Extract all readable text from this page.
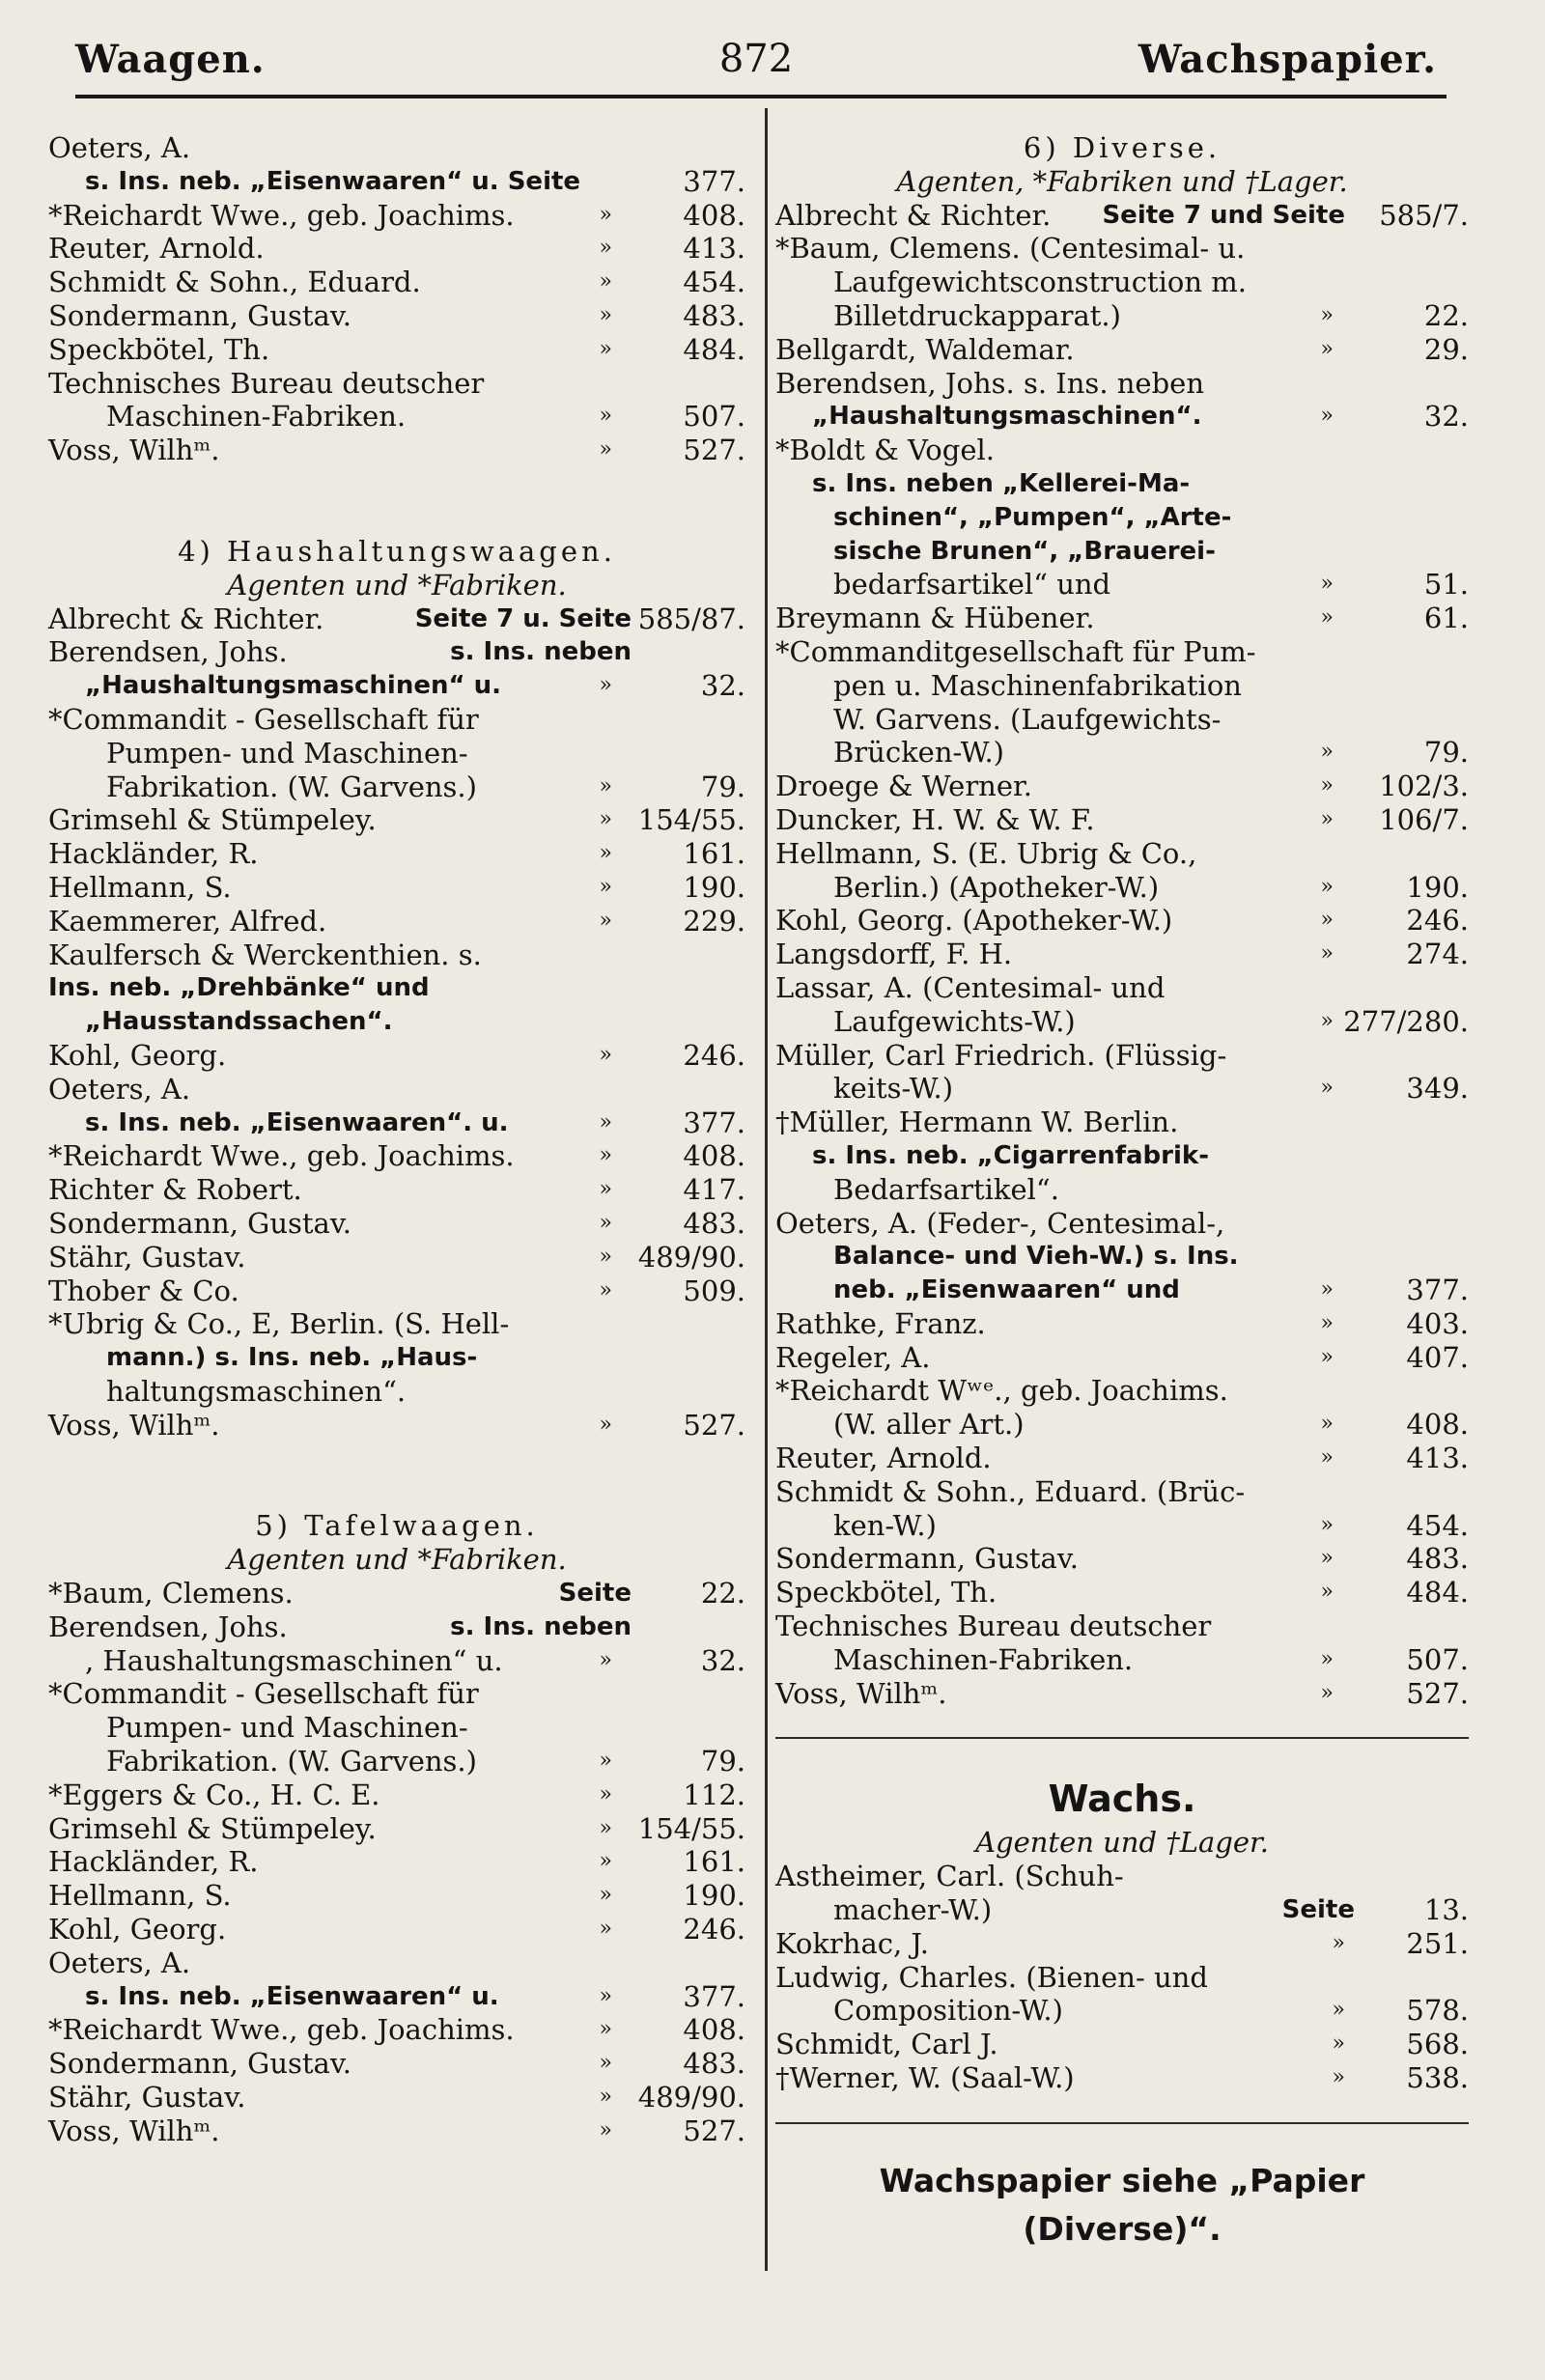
Waagen.	872	Wachspapier.
Oeters, A.
s. Ins. neb. „Eisenwaaren“ u. Seite	377.
*Reichardt Wwe., geb. Joachims.	»	408.
Reuter, Arnold.	»	413.
Schmidt & Sohn., Eduard.	»	454.
Sondermann, Gustav.	»	483.
Speckbötel, Th.	»	484.
Technisches Bureau deutscher
Maschinen-Fabriken.	»	507.
Voss, Wilhᵐ.	»	527.
4) Haushaltungswaagen.
Agenten und *Fabriken.
Albrecht & Richter.	Seite 7 u. Seite 585/87.
Berendsen, Johs.	s. Ins. neben
„Haushaltungsmaschinen“ u.	»	32.
*Commandit - Gesellschaft für
Pumpen- und Maschinen-
Fabrikation. (W. Garvens.)	»	79.
Grimsehl & Stümpeley.	» 154/55.
Hackländer, R.	»	161.
Hellmann, S.	»	190.
Kaemmerer, Alfred.	»	229.
Kaulfersch & Werckenthien. s.
Ins. neb. „Drehbänke“ und
„Hausstandssachen“.
Kohl, Georg.	»	246.
Oeters, A.
s. Ins. neb. „Eisenwaaren“. u.	»	377.
*Reichardt Wwe., geb. Joachims.	»	408.
Richter & Robert.	»	417.
Sondermann, Gustav.	»	483.
Stähr, Gustav.	» 489/90.
Thober & Co.	»	509.
*Ubrig & Co., E, Berlin. (S. Hell-
mann.) s. Ins. neb. „Haus-
haltungsmaschinen“.
Voss, Wilhᵐ.	»	527.
5) Tafelwaagen.
Agenten und *Fabriken.
*Baum, Clemens.	Seite 22.
Berendsen, Johs.	s. Ins. neben
, Haushaltungsmaschinen“ u.	»	32.
*Commandit - Gesellschaft für
Pumpen- und Maschinen-
Fabrikation. (W. Garvens.)	»	79.
*Eggers & Co., H. C. E.	»	112.
Grimsehl & Stümpeley.	» 154/55.
Hackländer, R.	»	161.
Hellmann, S.	»	190.
Kohl, Georg.	»	246.
Oeters, A.
s. Ins. neb. „Eisenwaaren“ u.	»	377.
*Reichardt Wwe., geb. Joachims.	»	408.
Sondermann, Gustav.	»	483.
Stähr, Gustav.	» 489/90.
Voss, Wilhᵐ.	»	527.
6) Diverse.
Agenten, *Fabriken und †Lager.
Albrecht & Richter. Seite 7 und Seite 585/7.
*Baum, Clemens. (Centesimal- u.
Laufgewichtsconstruction m.
Billetdruckapparat.)	»	22.
Bellgardt, Waldemar.	»	29.
Berendsen, Johs. s. Ins. neben
„Haushaltungsmaschinen“.	»	32.
*Boldt & Vogel.
s. Ins. neben „Kellerei-Ma-
schinen“, „Pumpen“, „Arte-
sische Brunen“, „Brauerei-
bedarfsartikel“ und	»	51.
Breymann & Hübener.	»	61.
*Commanditgesellschaft für Pum-
pen u. Maschinenfabrikation
W. Garvens. (Laufgewichts-
Brücken-W.)	»	79.
Droege & Werner.	» 102/3.
Duncker, H. W. & W. F.	» 106/7.
Hellmann, S. (E. Ubrig & Co.,
Berlin.) (Apotheker-W.)	»	190.
Kohl, Georg. (Apotheker-W.)	»	246.
Langsdorff, F. H.	»	274.
Lassar, A. (Centesimal- und
Laufgewichts-W.)	» 277/280.
Müller, Carl Friedrich. (Flüssig-
keits-W.)	»	349.
†Müller, Hermann W. Berlin.
s. Ins. neb. „Cigarrenfabrik-
Bedarfsartikel“.
Oeters, A. (Feder-, Centesimal-,
Balance- und Vieh-W.) s. Ins.
neb. „Eisenwaaren“ und	»	377.
Rathke, Franz.	»	403.
Regeler, A.	»	407.
*Reichardt Wʷᵉ., geb. Joachims.
(W. aller Art.)	»	408.
Reuter, Arnold.	»	413.
Schmidt & Sohn., Eduard. (Brüc-
ken-W.)	»	454.
Sondermann, Gustav.	»	483.
Speckbötel, Th.	»	484.
Technisches Bureau deutscher
Maschinen-Fabriken.	»	507.
Voss, Wilhᵐ.	»	527.
Wachs.
Agenten und †Lager.
Astheimer, Carl. (Schuh-
macher-W.)	Seite 13.
Kokrhac, J.	» 251.
Ludwig, Charles. (Bienen- und
Composition-W.)	» 578.
Schmidt, Carl J.	» 568.
†Werner, W. (Saal-W.)	» 538.
Wachspapier siehe „Papier (Diverse)“.
